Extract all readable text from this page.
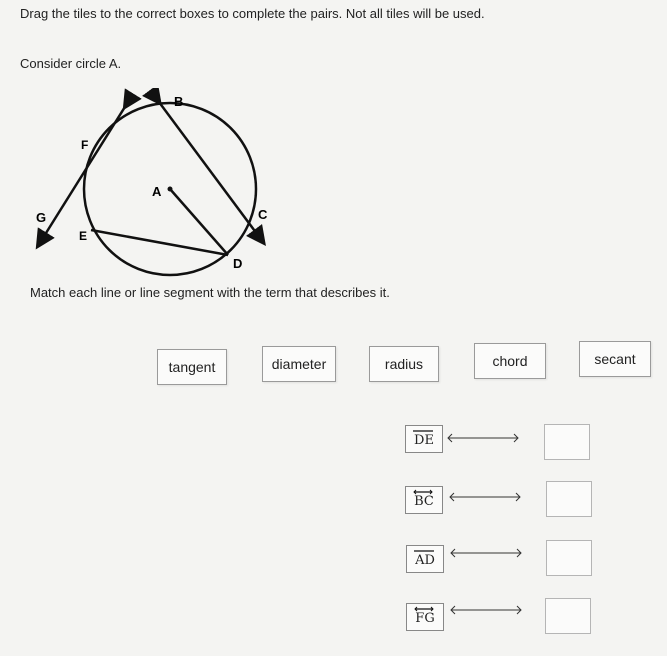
Drag the tiles to the correct boxes to complete the pairs. Not all tiles will be used.
Consider circle A.
B
F
A
G	C
E
D
Match each line or line segment with the term that describes it.
tangent	diameter	radius	chord	secant
DE
BC
AD
FG
